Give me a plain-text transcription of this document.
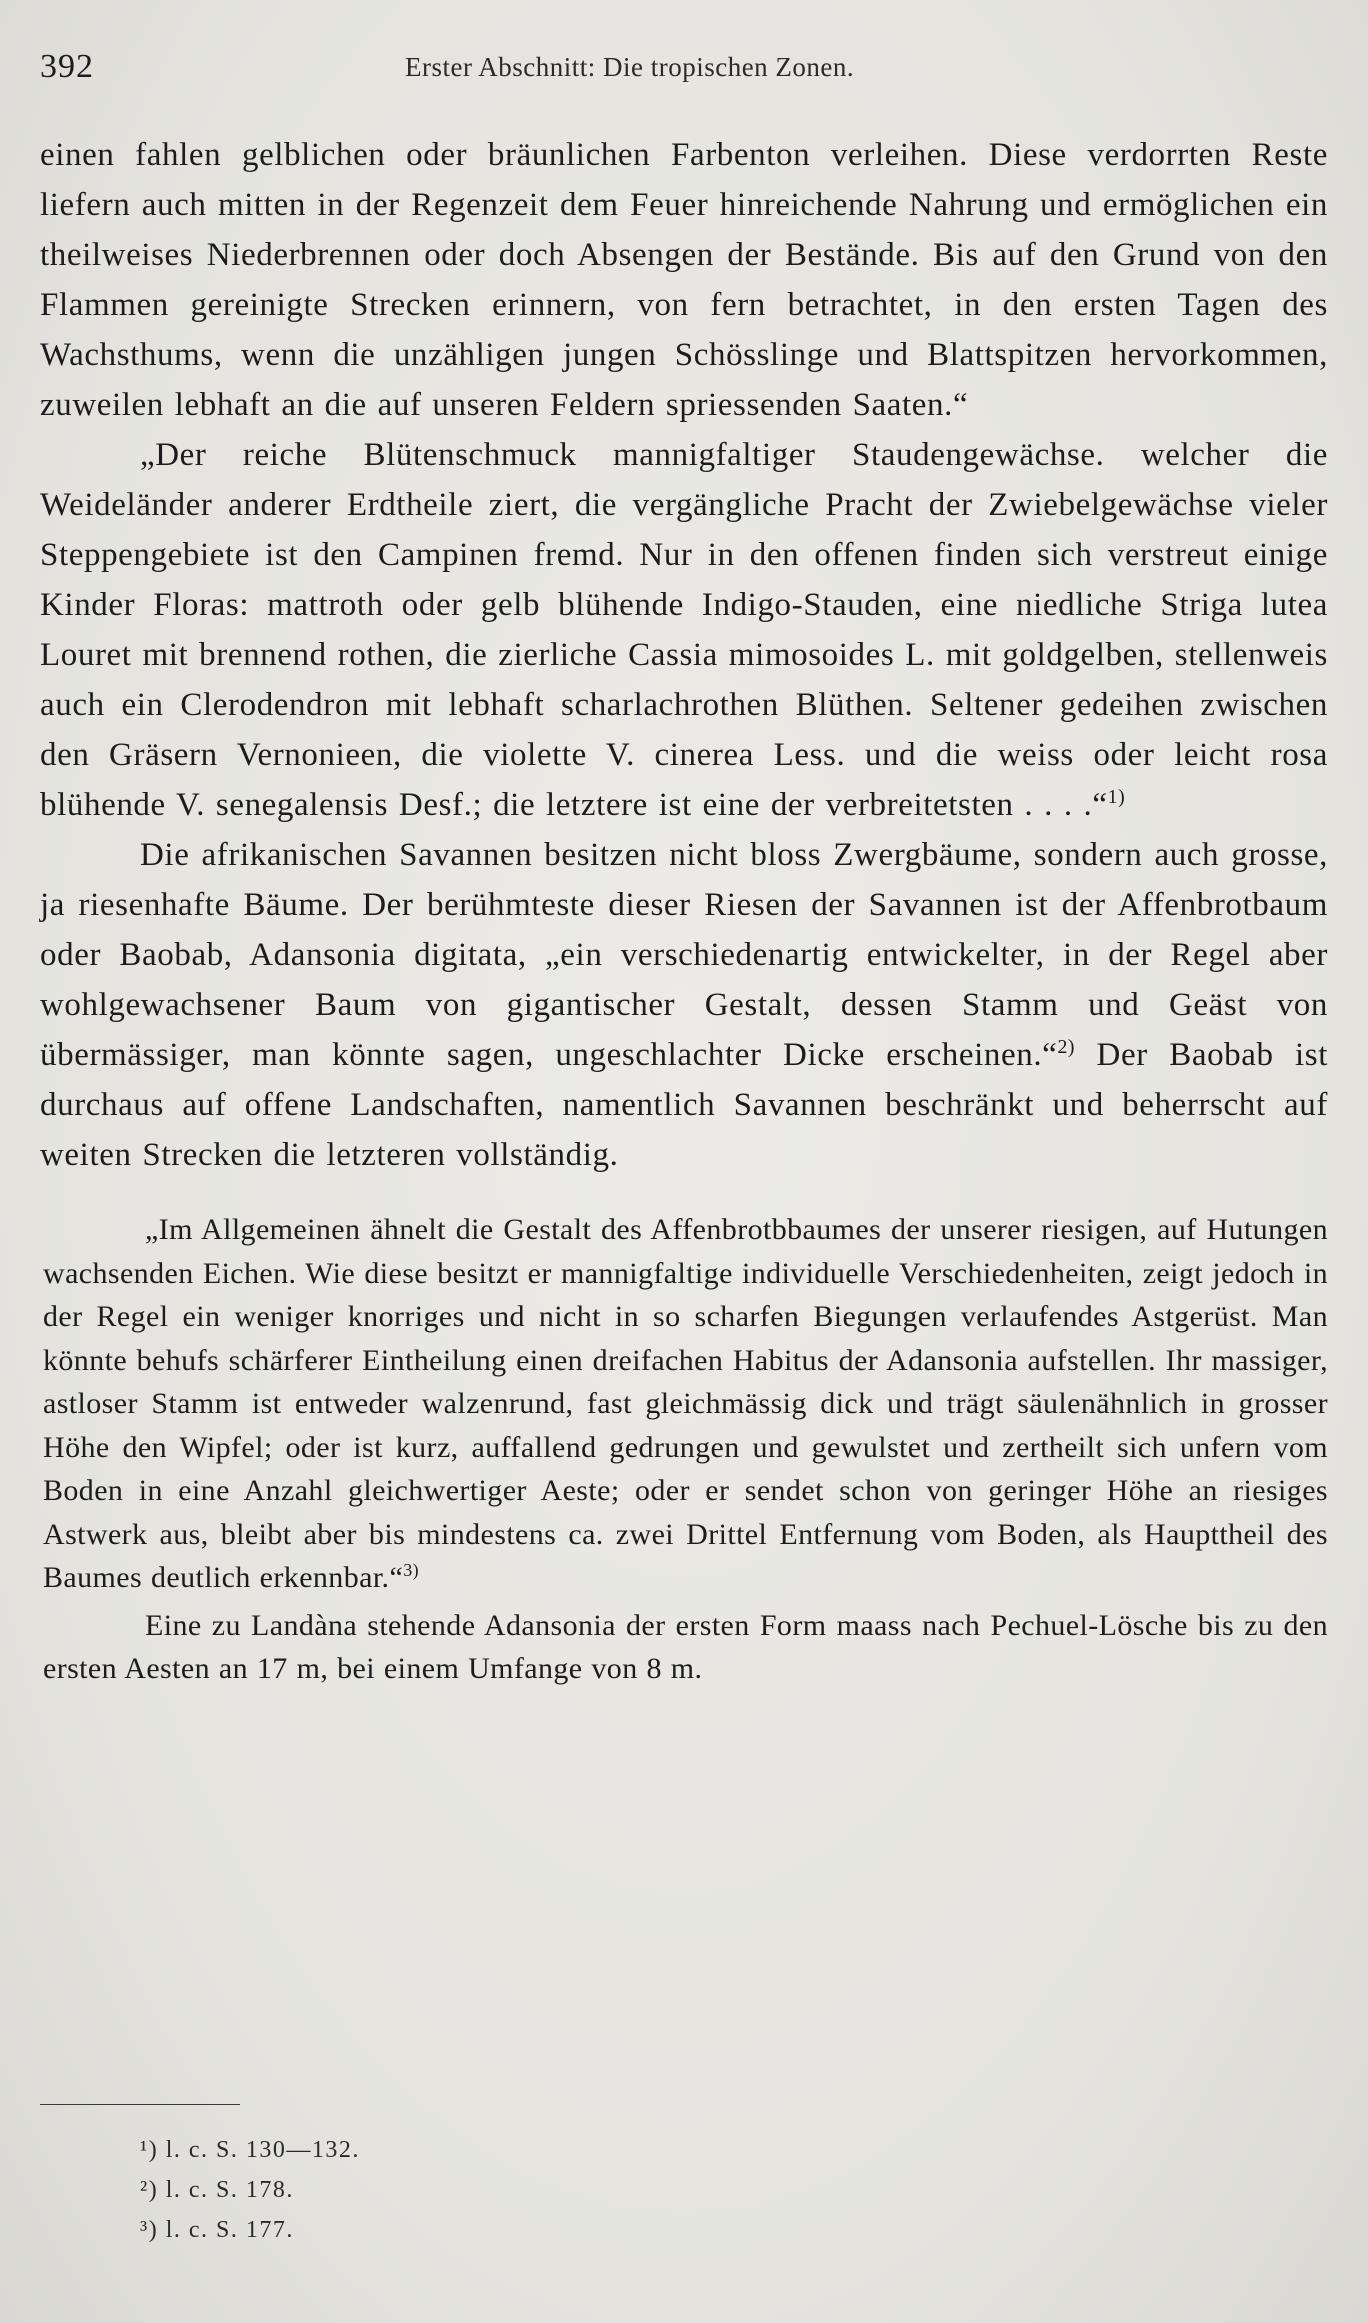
392	Erster Abschnitt: Die tropischen Zonen.

einen fahlen gelblichen oder bräunlichen Farbenton verleihen. Diese verdorrten Reste liefern auch mitten in der Regenzeit dem Feuer hinreichende Nahrung und ermöglichen ein theilweises Niederbrennen oder doch Absengen der Bestände. Bis auf den Grund von den Flammen gereinigte Strecken erinnern, von fern betrachtet, in den ersten Tagen des Wachsthums, wenn die unzähligen jungen Schösslinge und Blattspitzen hervorkommen, zuweilen lebhaft an die auf unseren Feldern spriessenden Saaten.“

„Der reiche Blütenschmuck mannigfaltiger Staudengewächse. welcher die Weideländer anderer Erdtheile ziert, die vergängliche Pracht der Zwiebelgewächse vieler Steppengebiete ist den Campinen fremd. Nur in den offenen finden sich verstreut einige Kinder Floras: mattroth oder gelb blühende Indigo-Stauden, eine niedliche Striga lutea Louret mit brennend rothen, die zierliche Cassia mimosoides L. mit goldgelben, stellenweis auch ein Clerodendron mit lebhaft scharlachrothen Blüthen. Seltener gedeihen zwischen den Gräsern Vernonieen, die violette V. cinerea Less. und die weiss oder leicht rosa blühende V. senegalensis Desf.; die letztere ist eine der verbreitetsten . . . .“$^{1)}$

Die afrikanischen Savannen besitzen nicht bloss Zwergbäume, sondern auch grosse, ja riesenhafte Bäume. Der berühmteste dieser Riesen der Savannen ist der Affenbrotbaum oder Baobab, Adansonia digitata, „ein verschiedenartig entwickelter, in der Regel aber wohlgewachsener Baum von gigantischer Gestalt, dessen Stamm und Geäst von übermässiger, man könnte sagen, ungeschlachter Dicke erscheinen.“$^{2)}$ Der Baobab ist durchaus auf offene Landschaften, namentlich Savannen beschränkt und beherrscht auf weiten Strecken die letzteren vollständig.

„Im Allgemeinen ähnelt die Gestalt des Affenbrotbbaumes der unserer riesigen, auf Hutungen wachsenden Eichen. Wie diese besitzt er mannigfaltige individuelle Verschiedenheiten, zeigt jedoch in der Regel ein weniger knorriges und nicht in so scharfen Biegungen verlaufendes Astgerüst. Man könnte behufs schärferer Eintheilung einen dreifachen Habitus der Adansonia aufstellen. Ihr massiger, astloser Stamm ist entweder walzenrund, fast gleichmässig dick und trägt säulenähnlich in grosser Höhe den Wipfel; oder ist kurz, auffallend gedrungen und gewulstet und zertheilt sich unfern vom Boden in eine Anzahl gleichwertiger Aeste; oder er sendet schon von geringer Höhe an riesiges Astwerk aus, bleibt aber bis mindestens ca. zwei Drittel Entfernung vom Boden, als Haupttheil des Baumes deutlich erkennbar.“$^{3)}$

Eine zu Landàna stehende Adansonia der ersten Form maass nach Pechuel-Lösche bis zu den ersten Aesten an 17 m, bei einem Umfange von 8 m.

¹) l. c. S. 130—132.

²) l. c. S. 178.

³) l. c. S. 177.
